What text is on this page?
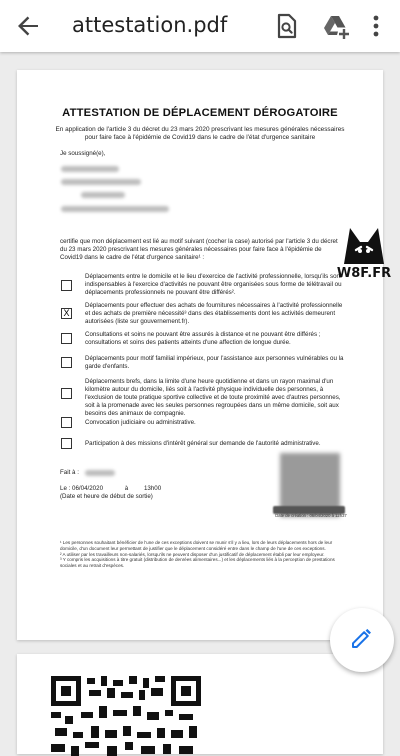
attestation.pdf
ATTESTATION DE DÉPLACEMENT DÉROGATOIRE
En application de l'article 3 du décret du 23 mars 2020 prescrivant les mesures générales nécessaires pour faire face à l'épidémie de Covid19 dans le cadre de l'état d'urgence sanitaire
Je soussigné(e),
certifie que mon déplacement est lié au motif suivant (cocher la case) autorisé par l'article 3 du décret du 23 mars 2020 prescrivant les mesures générales nécessaires pour faire face à l'épidémie de Covid19 dans le cadre de l'état d'urgence sanitaire¹ :
Déplacements entre le domicile et le lieu d'exercice de l'activité professionnelle, lorsqu'ils sont indispensables à l'exercice d'activités ne pouvant être organisées sous forme de télétravail ou déplacements professionnels ne pouvant être différés².
X
Déplacements pour effectuer des achats de fournitures nécessaires à l'activité professionnelle et des achats de première nécessité³ dans des établissements dont les activités demeurent autorisées (liste sur gouvernement.fr).
Consultations et soins ne pouvant être assurés à distance et ne pouvant être différés ; consultations et soins des patients atteints d'une affection de longue durée.
Déplacements pour motif familial impérieux, pour l'assistance aux personnes vulnérables ou la garde d'enfants.
Déplacements brefs, dans la limite d'une heure quotidienne et dans un rayon maximal d'un kilomètre autour du domicile, liés soit à l'activité physique individuelle des personnes, à l'exclusion de toute pratique sportive collective et de toute proximité avec d'autres personnes, soit à la promenade avec les seules personnes regroupées dans un même domicile, soit aux besoins des animaux de compagnie.
Convocation judiciaire ou administrative.
Participation à des missions d'intérêt général sur demande de l'autorité administrative.
Fait à :
Le : 06/04/2020	à	13h00
(Date et heure de début de sortie)
Date de création : 06/04/2020 à 12h37
¹ Les personnes souhaitant bénéficier de l'une de ces exceptions doivent se munir s'il y a lieu, lors de leurs déplacements hors de leur domicile, d'un document leur permettant de justifier que le déplacement considéré entre dans le champ de l'une de ces exceptions.
² A utiliser par les travailleurs non-salariés, lorsqu'ils ne peuvent disposer d'un justificatif de déplacement établi par leur employeur.
³ Y compris les acquisitions à titre gratuit (distribution de denrées alimentaires...) et les déplacements liés à la perception de prestations sociales et au retrait d'espèces.
W8F.FR
